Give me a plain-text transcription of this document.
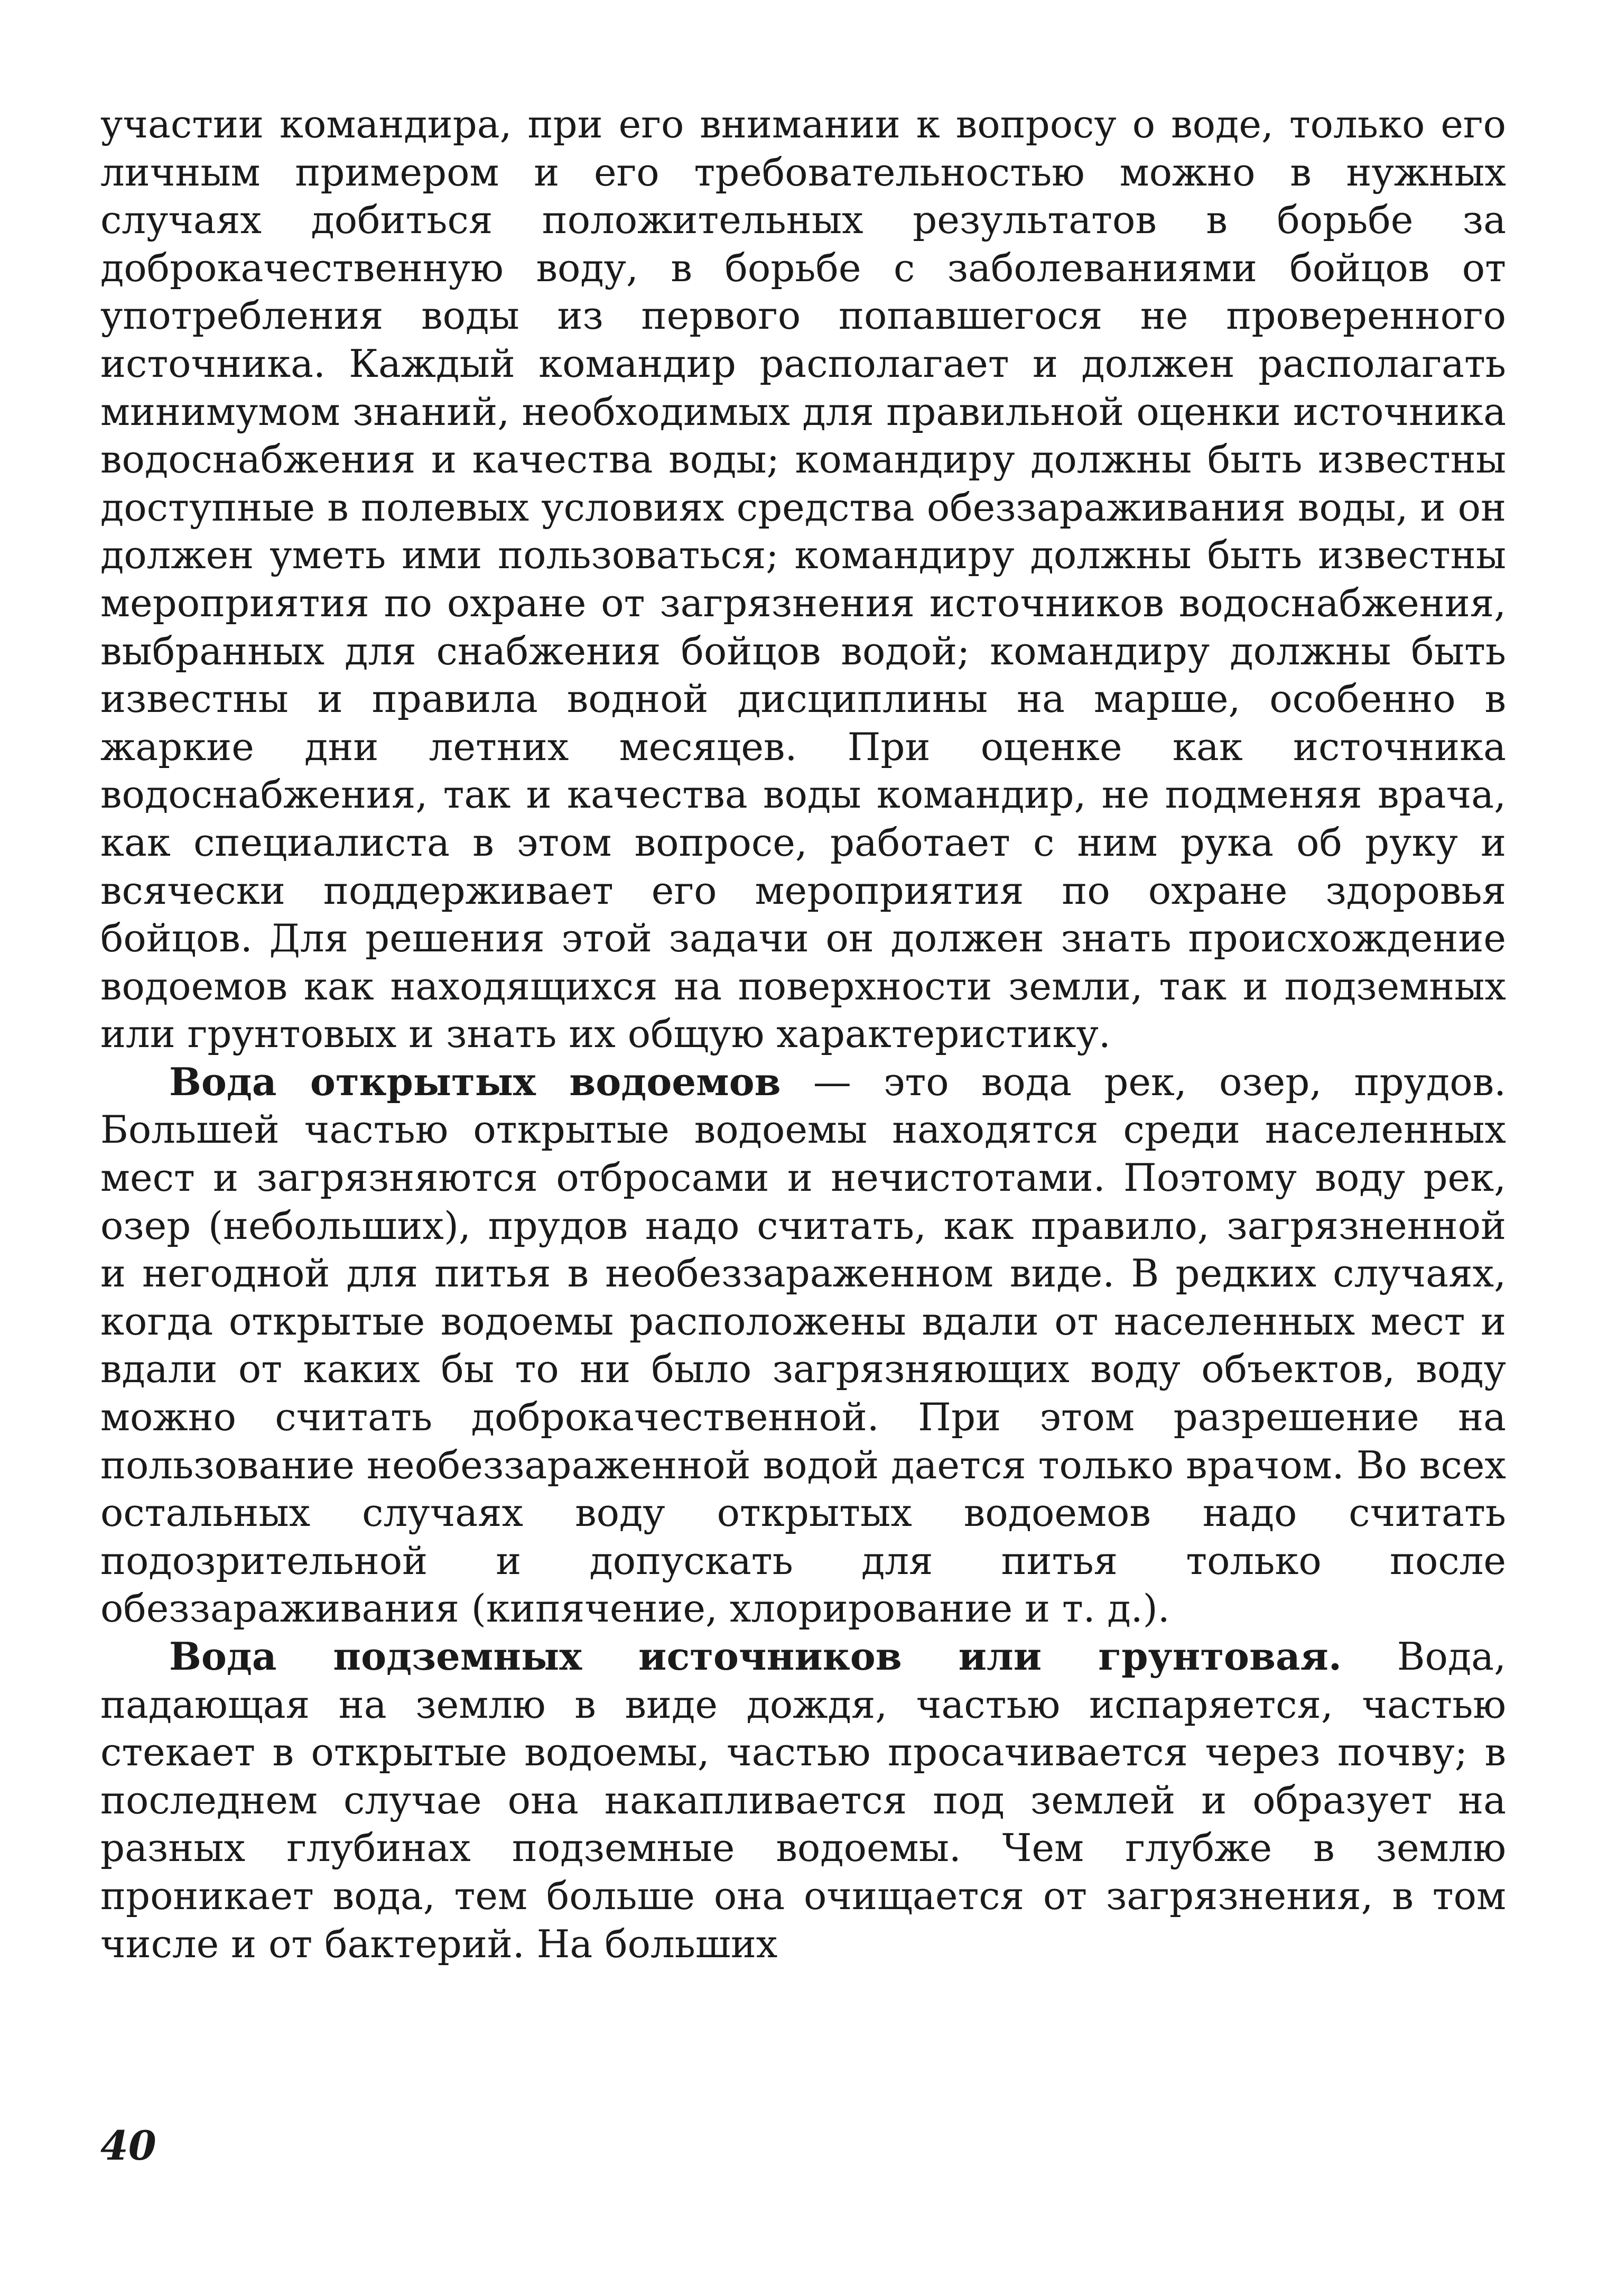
участии командира, при его внимании к вопросу о воде, только его личным примером и его требовательностью можно в нужных случаях добиться положительных результатов в борьбе за доброкачественную воду, в борьбе с заболеваниями бойцов от употребления воды из первого попавшегося не проверенного источника. Каждый командир располагает и должен располагать минимумом знаний, необходимых для правильной оценки источника водоснабжения и качества воды; командиру должны быть известны доступные в полевых условиях средства обеззараживания воды, и он должен уметь ими пользоваться; командиру должны быть известны мероприятия по охране от загрязнения источников водоснабжения, выбранных для снабжения бойцов водой; командиру должны быть известны и правила водной дисциплины на марше, особенно в жаркие дни летних месяцев. При оценке как источника водоснабжения, так и качества воды командир, не подменяя врача, как специалиста в этом вопросе, работает с ним рука об руку и всячески поддерживает его мероприятия по охране здоровья бойцов. Для решения этой задачи он должен знать происхождение водоемов как находящихся на поверхности земли, так и подземных или грунтовых и знать их общую характеристику.

Вода открытых водоемов — это вода рек, озер, прудов. Большей частью открытые водоемы находятся среди населенных мест и загрязняются отбросами и нечистотами. Поэтому воду рек, озер (небольших), прудов надо считать, как правило, загрязненной и негодной для питья в необеззараженном виде. В редких случаях, когда открытые водоемы расположены вдали от населенных мест и вдали от каких бы то ни было загрязняющих воду объектов, воду можно считать доброкачественной. При этом разрешение на пользование необеззараженной водой дается только врачом. Во всех остальных случаях воду открытых водоемов надо считать подозрительной и допускать для питья только после обеззараживания (кипячение, хлорирование и т. д.).

Вода подземных источников или грунтовая. Вода, падающая на землю в виде дождя, частью испаряется, частью стекает в открытые водоемы, частью просачивается через почву; в последнем случае она накапливается под землей и образует на разных глубинах подземные водоемы. Чем глубже в землю проникает вода, тем больше она очищается от загрязнения, в том числе и от бактерий. На больших

40
